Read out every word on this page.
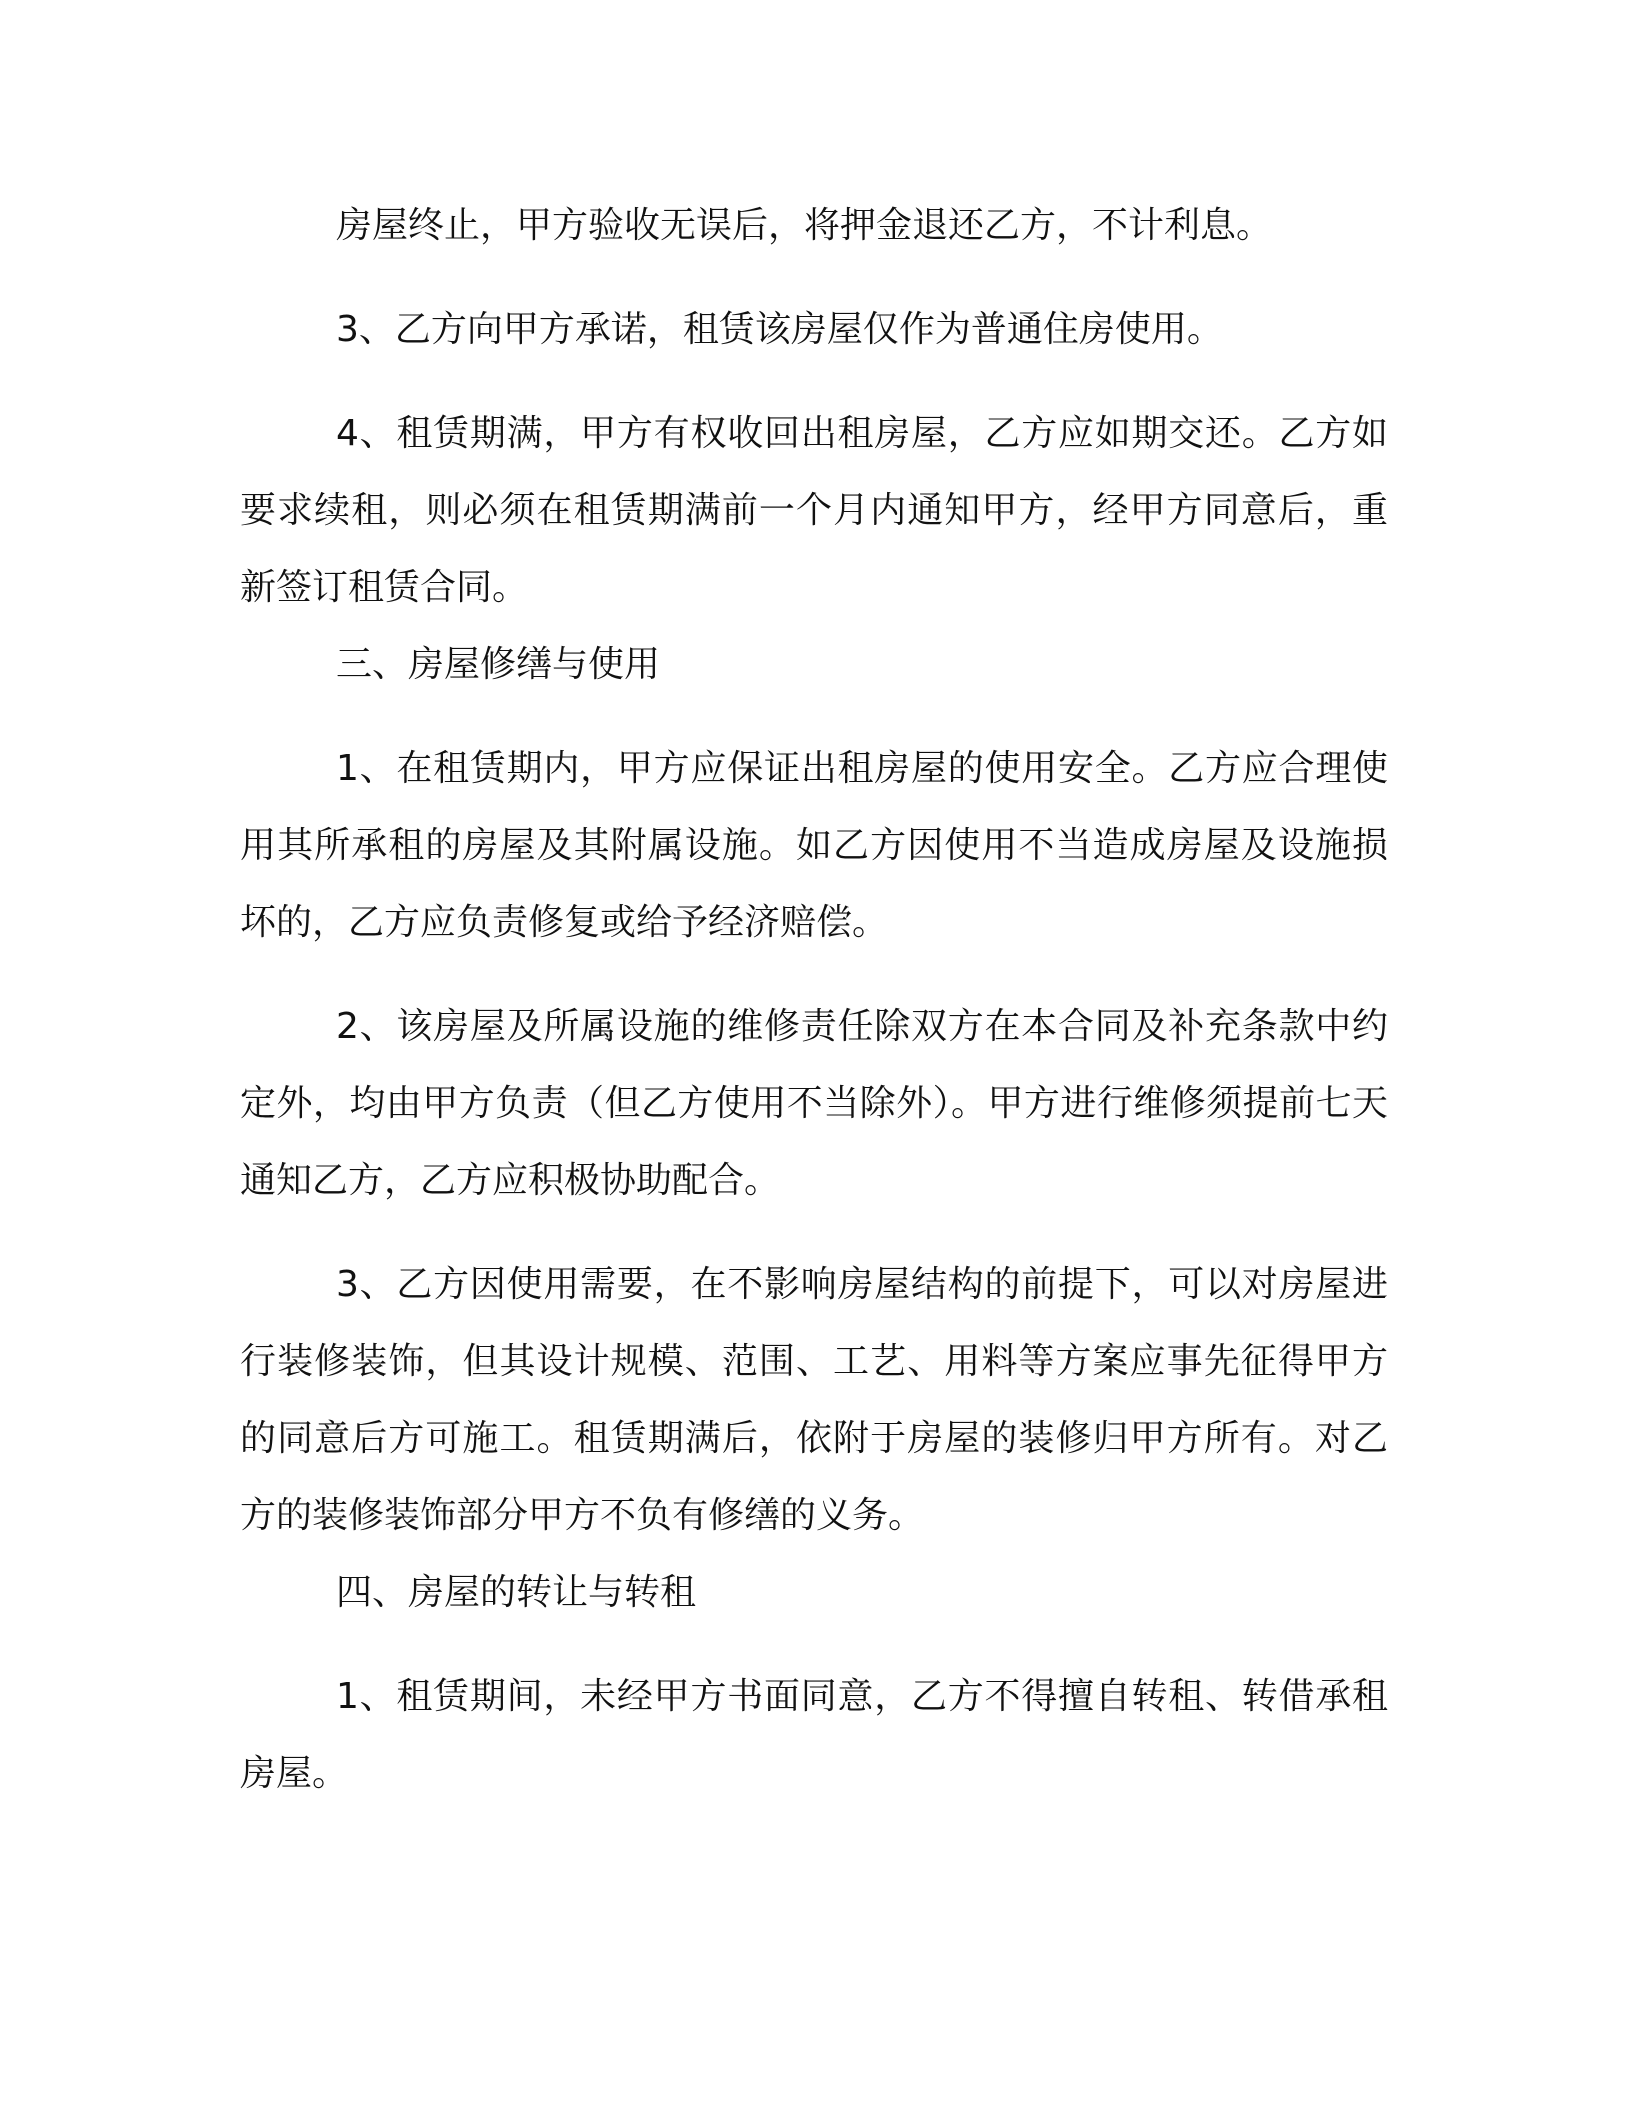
房屋终止，甲方验收无误后，将押金退还乙方，不计利息。

3、乙方向甲方承诺，租赁该房屋仅作为普通住房使用。

4、租赁期满，甲方有权收回出租房屋，乙方应如期交还。乙方如要求续租，则必须在租赁期满前一个月内通知甲方，经甲方同意后，重新签订租赁合同。

三、房屋修缮与使用

1、在租赁期内，甲方应保证出租房屋的使用安全。乙方应合理使用其所承租的房屋及其附属设施。如乙方因使用不当造成房屋及设施损坏的，乙方应负责修复或给予经济赔偿。

2、该房屋及所属设施的维修责任除双方在本合同及补充条款中约定外，均由甲方负责（但乙方使用不当除外）。甲方进行维修须提前七天通知乙方，乙方应积极协助配合。

3、乙方因使用需要，在不影响房屋结构的前提下，可以对房屋进行装修装饰，但其设计规模、范围、工艺、用料等方案应事先征得甲方的同意后方可施工。租赁期满后，依附于房屋的装修归甲方所有。对乙方的装修装饰部分甲方不负有修缮的义务。

四、房屋的转让与转租

1、租赁期间，未经甲方书面同意，乙方不得擅自转租、转借承租房屋。
